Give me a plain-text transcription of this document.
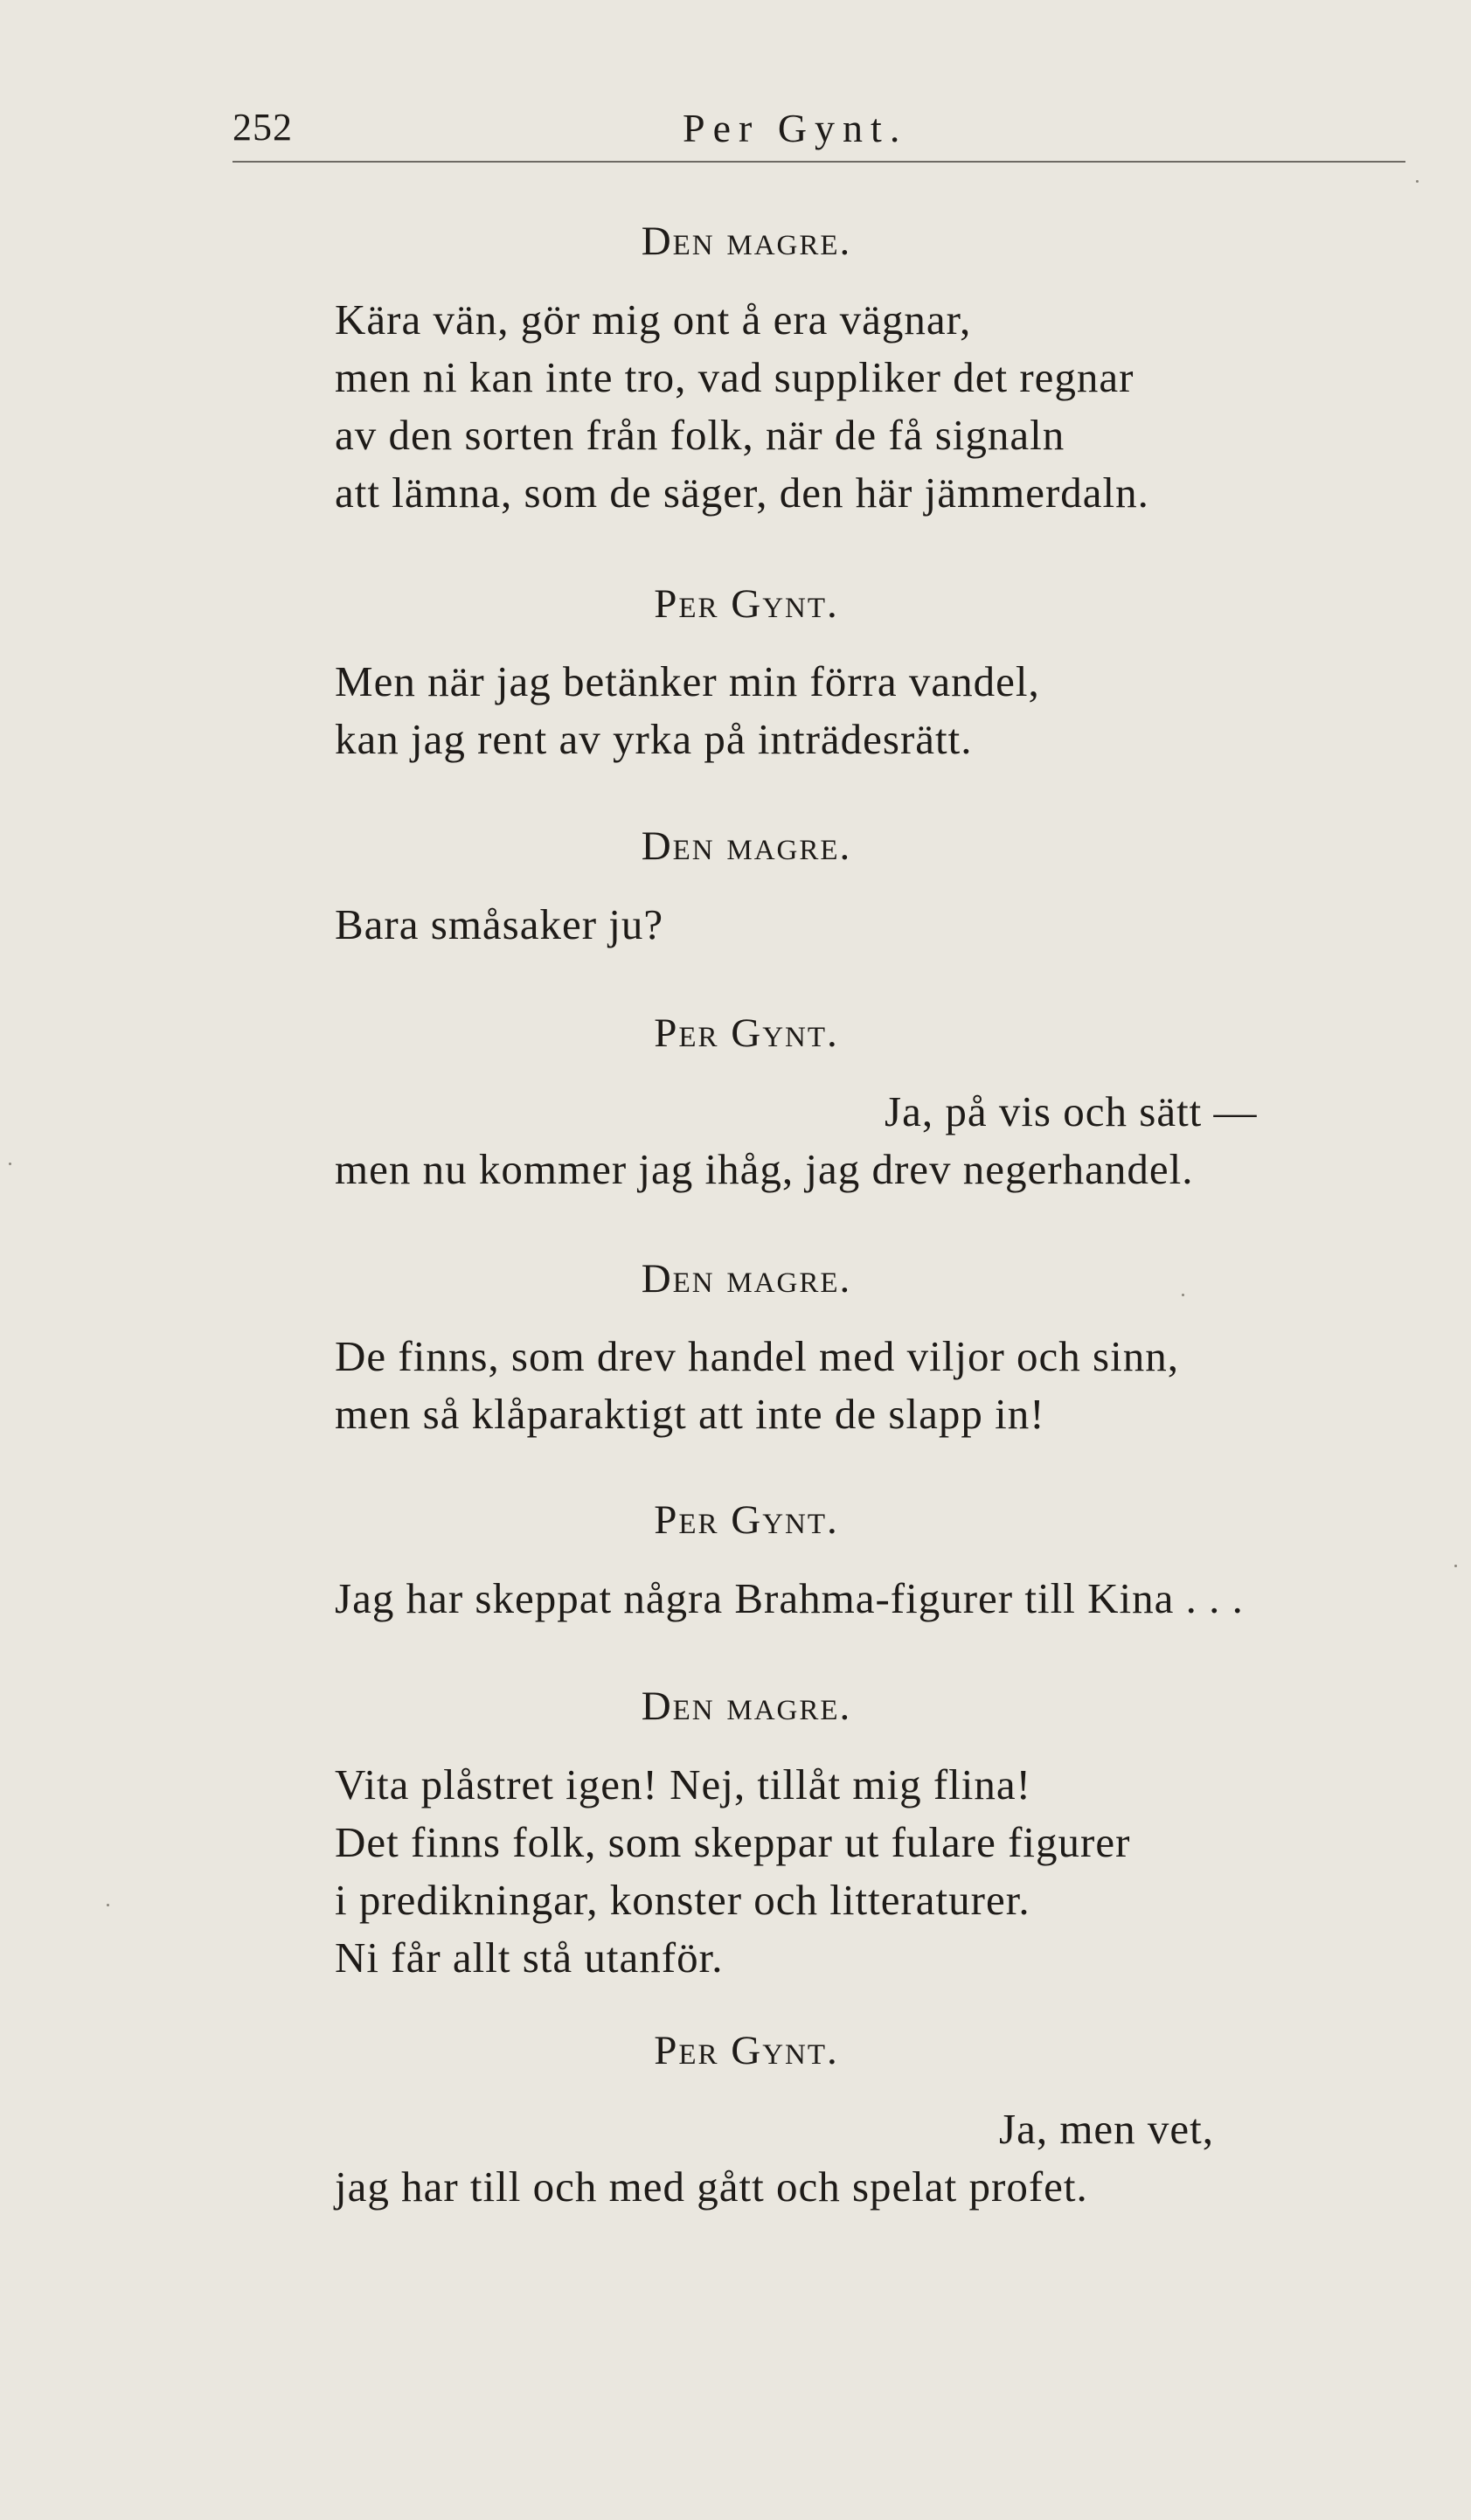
252	Per Gynt.
Den magre.
Kära vän, gör mig ont å era vägnar,
men ni kan inte tro, vad suppliker det regnar
av den sorten från folk, när de få signaln
att lämna, som de säger, den här jämmerdaln.
Per Gynt.
Men när jag betänker min förra vandel,
kan jag rent av yrka på inträdesrätt.
Den magre.
Bara småsaker ju?
Per Gynt.
Ja, på vis och sätt —
men nu kommer jag ihåg, jag drev negerhandel.
Den magre.
De finns, som drev handel med viljor och sinn,
men så klåparaktigt att inte de slapp in!
Per Gynt.
Jag har skeppat några Brahma-figurer till Kina . . .
Den magre.
Vita plåstret igen! Nej, tillåt mig flina!
Det finns folk, som skeppar ut fulare figurer
i predikningar, konster och litteraturer.
Ni får allt stå utanför.
Per Gynt.
Ja, men vet,
jag har till och med gått och spelat profet.
